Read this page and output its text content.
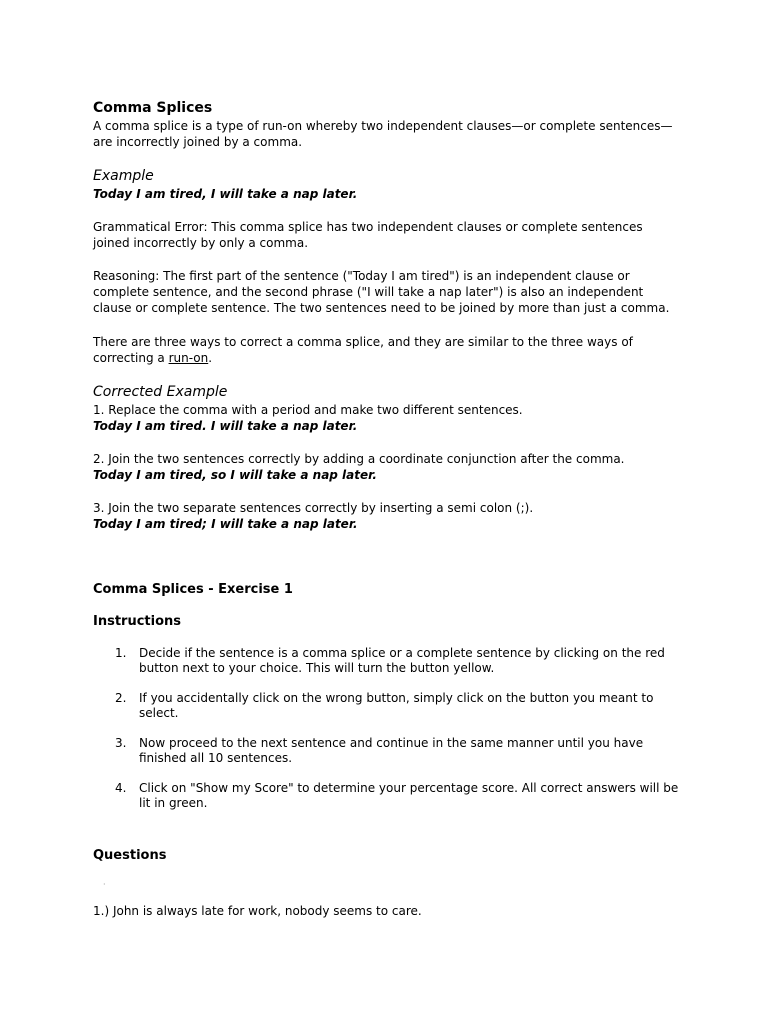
Comma Splices

A comma splice is a type of run-on whereby two independent clauses—or complete sentences—are incorrectly joined by a comma.

Example
Today I am tired, I will take a nap later.

Grammatical Error: This comma splice has two independent clauses or complete sentences joined incorrectly by only a comma.

Reasoning: The first part of the sentence ("Today I am tired") is an independent clause or complete sentence, and the second phrase ("I will take a nap later") is also an independent clause or complete sentence. The two sentences need to be joined by more than just a comma.

There are three ways to correct a comma splice, and they are similar to the three ways of correcting a run-on.

Corrected Example
1. Replace the comma with a period and make two different sentences.
Today I am tired. I will take a nap later.
2. Join the two sentences correctly by adding a coordinate conjunction after the comma.
Today I am tired, so I will take a nap later.
3. Join the two separate sentences correctly by inserting a semi colon (;).
Today I am tired; I will take a nap later.
Comma Splices - Exercise 1
Instructions
1. Decide if the sentence is a comma splice or a complete sentence by clicking on the red button next to your choice. This will turn the button yellow.
2. If you accidentally click on the wrong button, simply click on the button you meant to select.
3. Now proceed to the next sentence and continue in the same manner until you have finished all 10 sentences.
4. Click on "Show my Score" to determine your percentage score. All correct answers will be lit in green.
Questions
·
1.) John is always late for work, nobody seems to care.
